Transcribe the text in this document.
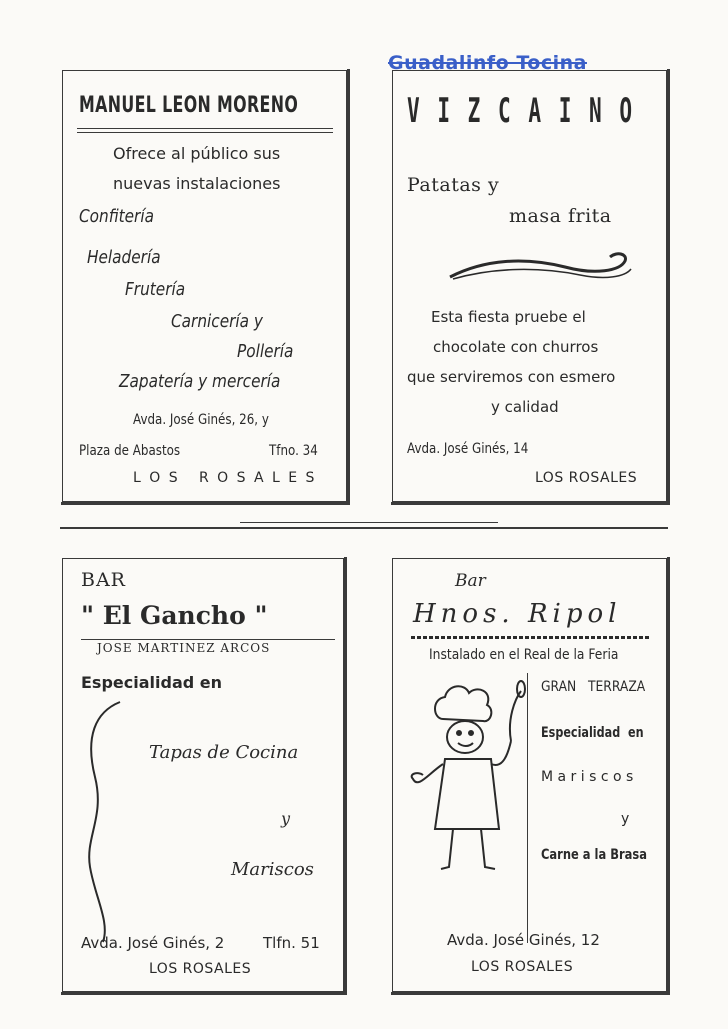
Guadalinfo Tocina
MANUEL LEON MORENO
Ofrece al público sus
nuevas instalaciones
Confitería
Heladería
Frutería
Carnicería y
Pollería
Zapatería y mercería
Avda. José Ginés, 26, y
Plaza de Abastos	Tfno. 34
L O S   R O S A L E S
V I Z C A I N O
Patatas y
masa frita
Esta fiesta pruebe el
chocolate con churros
que serviremos con esmero
y calidad
Avda. José Ginés, 14
LOS ROSALES
BAR
" El Gancho "
JOSE MARTINEZ ARCOS
Especialidad en
Tapas de Cocina
y
Mariscos
Avda. José Ginés, 2	Tlfn. 51
LOS ROSALES
Bar
Hnos. Ripol
Instalado en el Real de la Feria
GRAN   TERRAZA
Especialidad  en
M a r i s c o s
y
Carne a la Brasa
Avda. José Ginés, 12
LOS ROSALES
